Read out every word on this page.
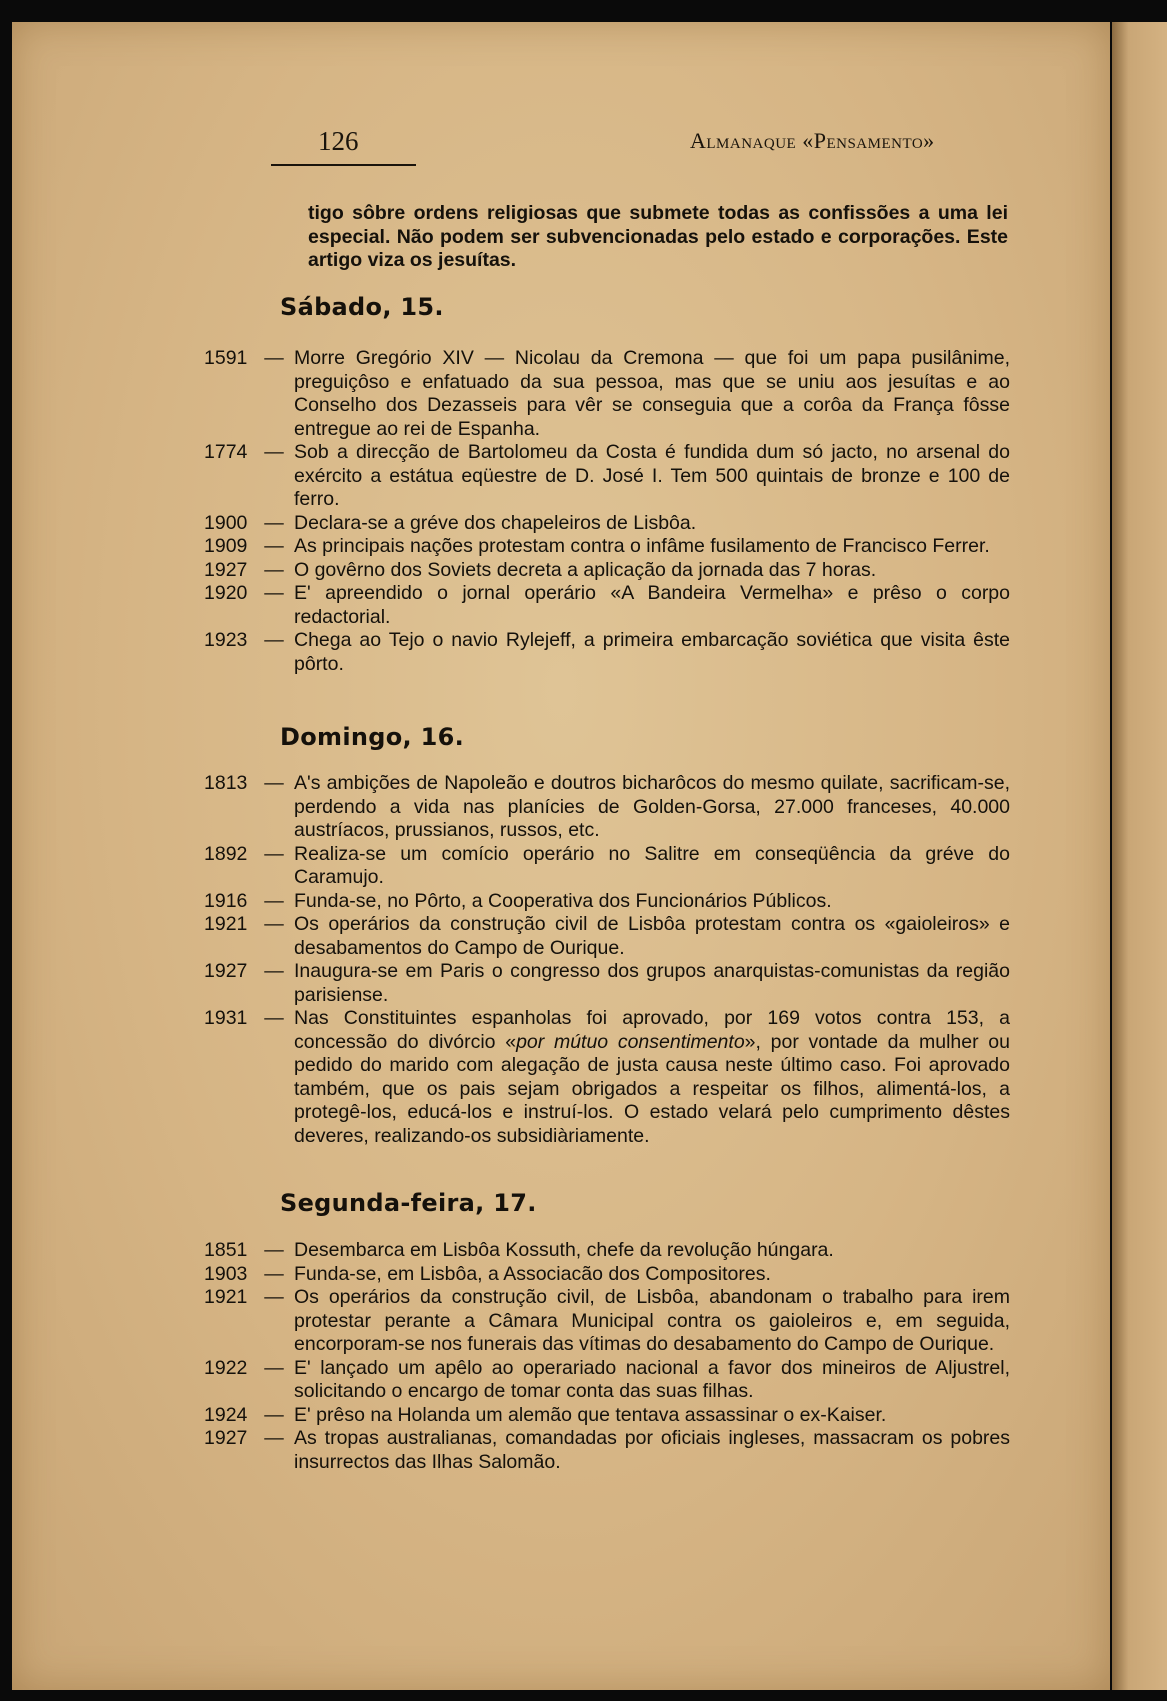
126	Almanaque «Pensamento»

tigo sôbre ordens religiosas que submete todas as confissões a uma lei especial. Não podem ser subvencionadas pelo estado e corporações. Este artigo viza os jesuítas.

Sábado, 15.
1591 — Morre Gregório XIV — Nicolau da Cremona — que foi um papa pusilânime, preguiçôso e enfatuado da sua pessoa, mas que se uniu aos jesuítas e ao Conselho dos Dezasseis para vêr se conseguia que a corôa da França fôsse entregue ao rei de Espanha.
1774 — Sob a direcção de Bartolomeu da Costa é fundida dum só jacto, no arsenal do exército a estátua eqüestre de D. José I. Tem 500 quintais de bronze e 100 de ferro.
1900 — Declara-se a gréve dos chapeleiros de Lisbôa.
1909 — As principais nações protestam contra o infâme fusilamento de Francisco Ferrer.
1927 — O govêrno dos Soviets decreta a aplicação da jornada das 7 horas.
1920 — E' apreendido o jornal operário «A Bandeira Vermelha» e prêso o corpo redactorial.
1923 — Chega ao Tejo o navio Rylejeff, a primeira embarcação soviética que visita êste pôrto.
Domingo, 16.
1813 — A's ambições de Napoleão e doutros bicharôcos do mesmo quilate, sacrificam-se, perdendo a vida nas planícies de Golden-Gorsa, 27.000 franceses, 40.000 austríacos, prussianos, russos, etc.
1892 — Realiza-se um comício operário no Salitre em conseqüência da gréve do Caramujo.
1916 — Funda-se, no Pôrto, a Cooperativa dos Funcionários Públicos.
1921 — Os operários da construção civil de Lisbôa protestam contra os «gaioleiros» e desabamentos do Campo de Ourique.
1927 — Inaugura-se em Paris o congresso dos grupos anarquistas-comunistas da região parisiense.
1931 — Nas Constituintes espanholas foi aprovado, por 169 votos contra 153, a concessão do divórcio «por mútuo consentimento», por vontade da mulher ou pedido do marido com alegação de justa causa neste último caso. Foi aprovado também, que os pais sejam obrigados a respeitar os filhos, alimentá-los, a protegê-los, educá-los e instruí-los. O estado velará pelo cumprimento dêstes deveres, realizando-os subsidiàriamente.
Segunda-feira, 17.
1851 — Desembarca em Lisbôa Kossuth, chefe da revolução húngara.
1903 — Funda-se, em Lisbôa, a Associacão dos Compositores.
1921 — Os operários da construção civil, de Lisbôa, abandonam o trabalho para irem protestar perante a Câmara Municipal contra os gaioleiros e, em seguida, encorporam-se nos funerais das vítimas do desabamento do Campo de Ourique.
1922 — E' lançado um apêlo ao operariado nacional a favor dos mineiros de Aljustrel, solicitando o encargo de tomar conta das suas filhas.
1924 — E' prêso na Holanda um alemão que tentava assassinar o ex-Kaiser.
1927 — As tropas australianas, comandadas por oficiais ingleses, massacram os pobres insurrectos das Ilhas Salomão.
